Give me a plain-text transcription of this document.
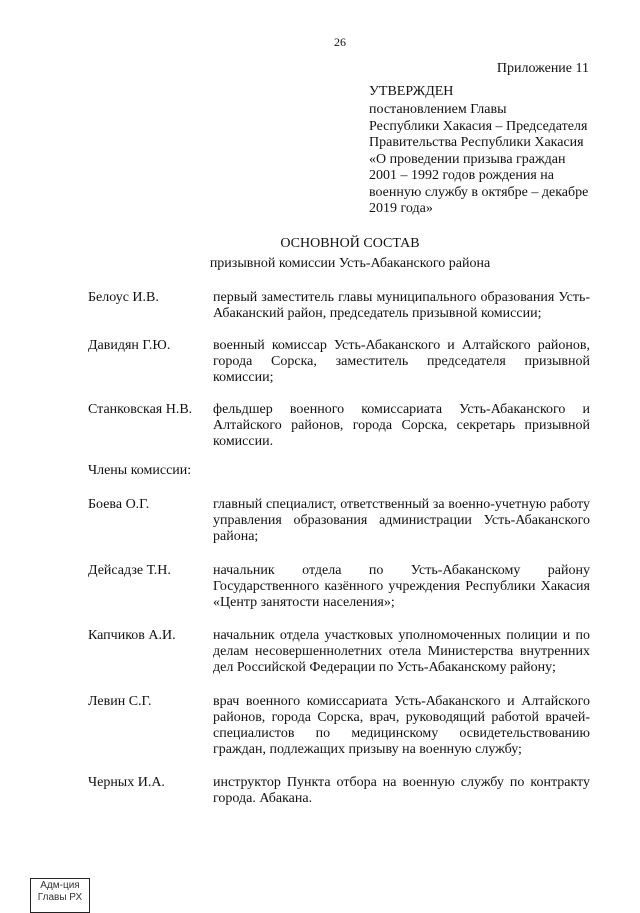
26
Приложение 11
УТВЕРЖДЕН
постановлением Главы
Республики Хакасия – Председателя
Правительства Республики Хакасия
«О проведении призыва граждан
2001 – 1992 годов рождения на
военную службу в октябре – декабре
2019 года»
ОСНОВНОЙ СОСТАВ
призывной комиссии Усть-Абаканского района
Белоус И.В.	первый заместитель главы муниципального образования Усть-Абаканский район, председатель призывной комиссии;
Давидян Г.Ю.	военный комиссар Усть-Абаканского и Алтайского районов, города Сорска, заместитель председателя призывной комиссии;
Станковская Н.В.	фельдшер военного комиссариата Усть-Абаканского и Алтайского районов, города Сорска, секретарь призывной комиссии.
Члены комиссии:
Боева О.Г.	главный специалист, ответственный за военно-учетную работу управления образования администрации Усть-Абаканского района;
Дейсадзе Т.Н.	начальник отдела по Усть-Абаканскому району Государственного казённого учреждения Республики Хакасия «Центр занятости населения»;
Капчиков А.И.	начальник отдела участковых уполномоченных полиции и по делам несовершеннолетних отела Министерства внутренних дел Российской Федерации по Усть-Абаканскому району;
Левин С.Г.	врач военного комиссариата Усть-Абаканского и Алтайского районов, города Сорска, врач, руководящий работой врачей-специалистов по медицинскому освидетельствованию граждан, подлежащих призыву на военную службу;
Черных И.А.	инструктор Пункта отбора на военную службу по контракту города. Абакана.
Адм-ция
Главы РХ
